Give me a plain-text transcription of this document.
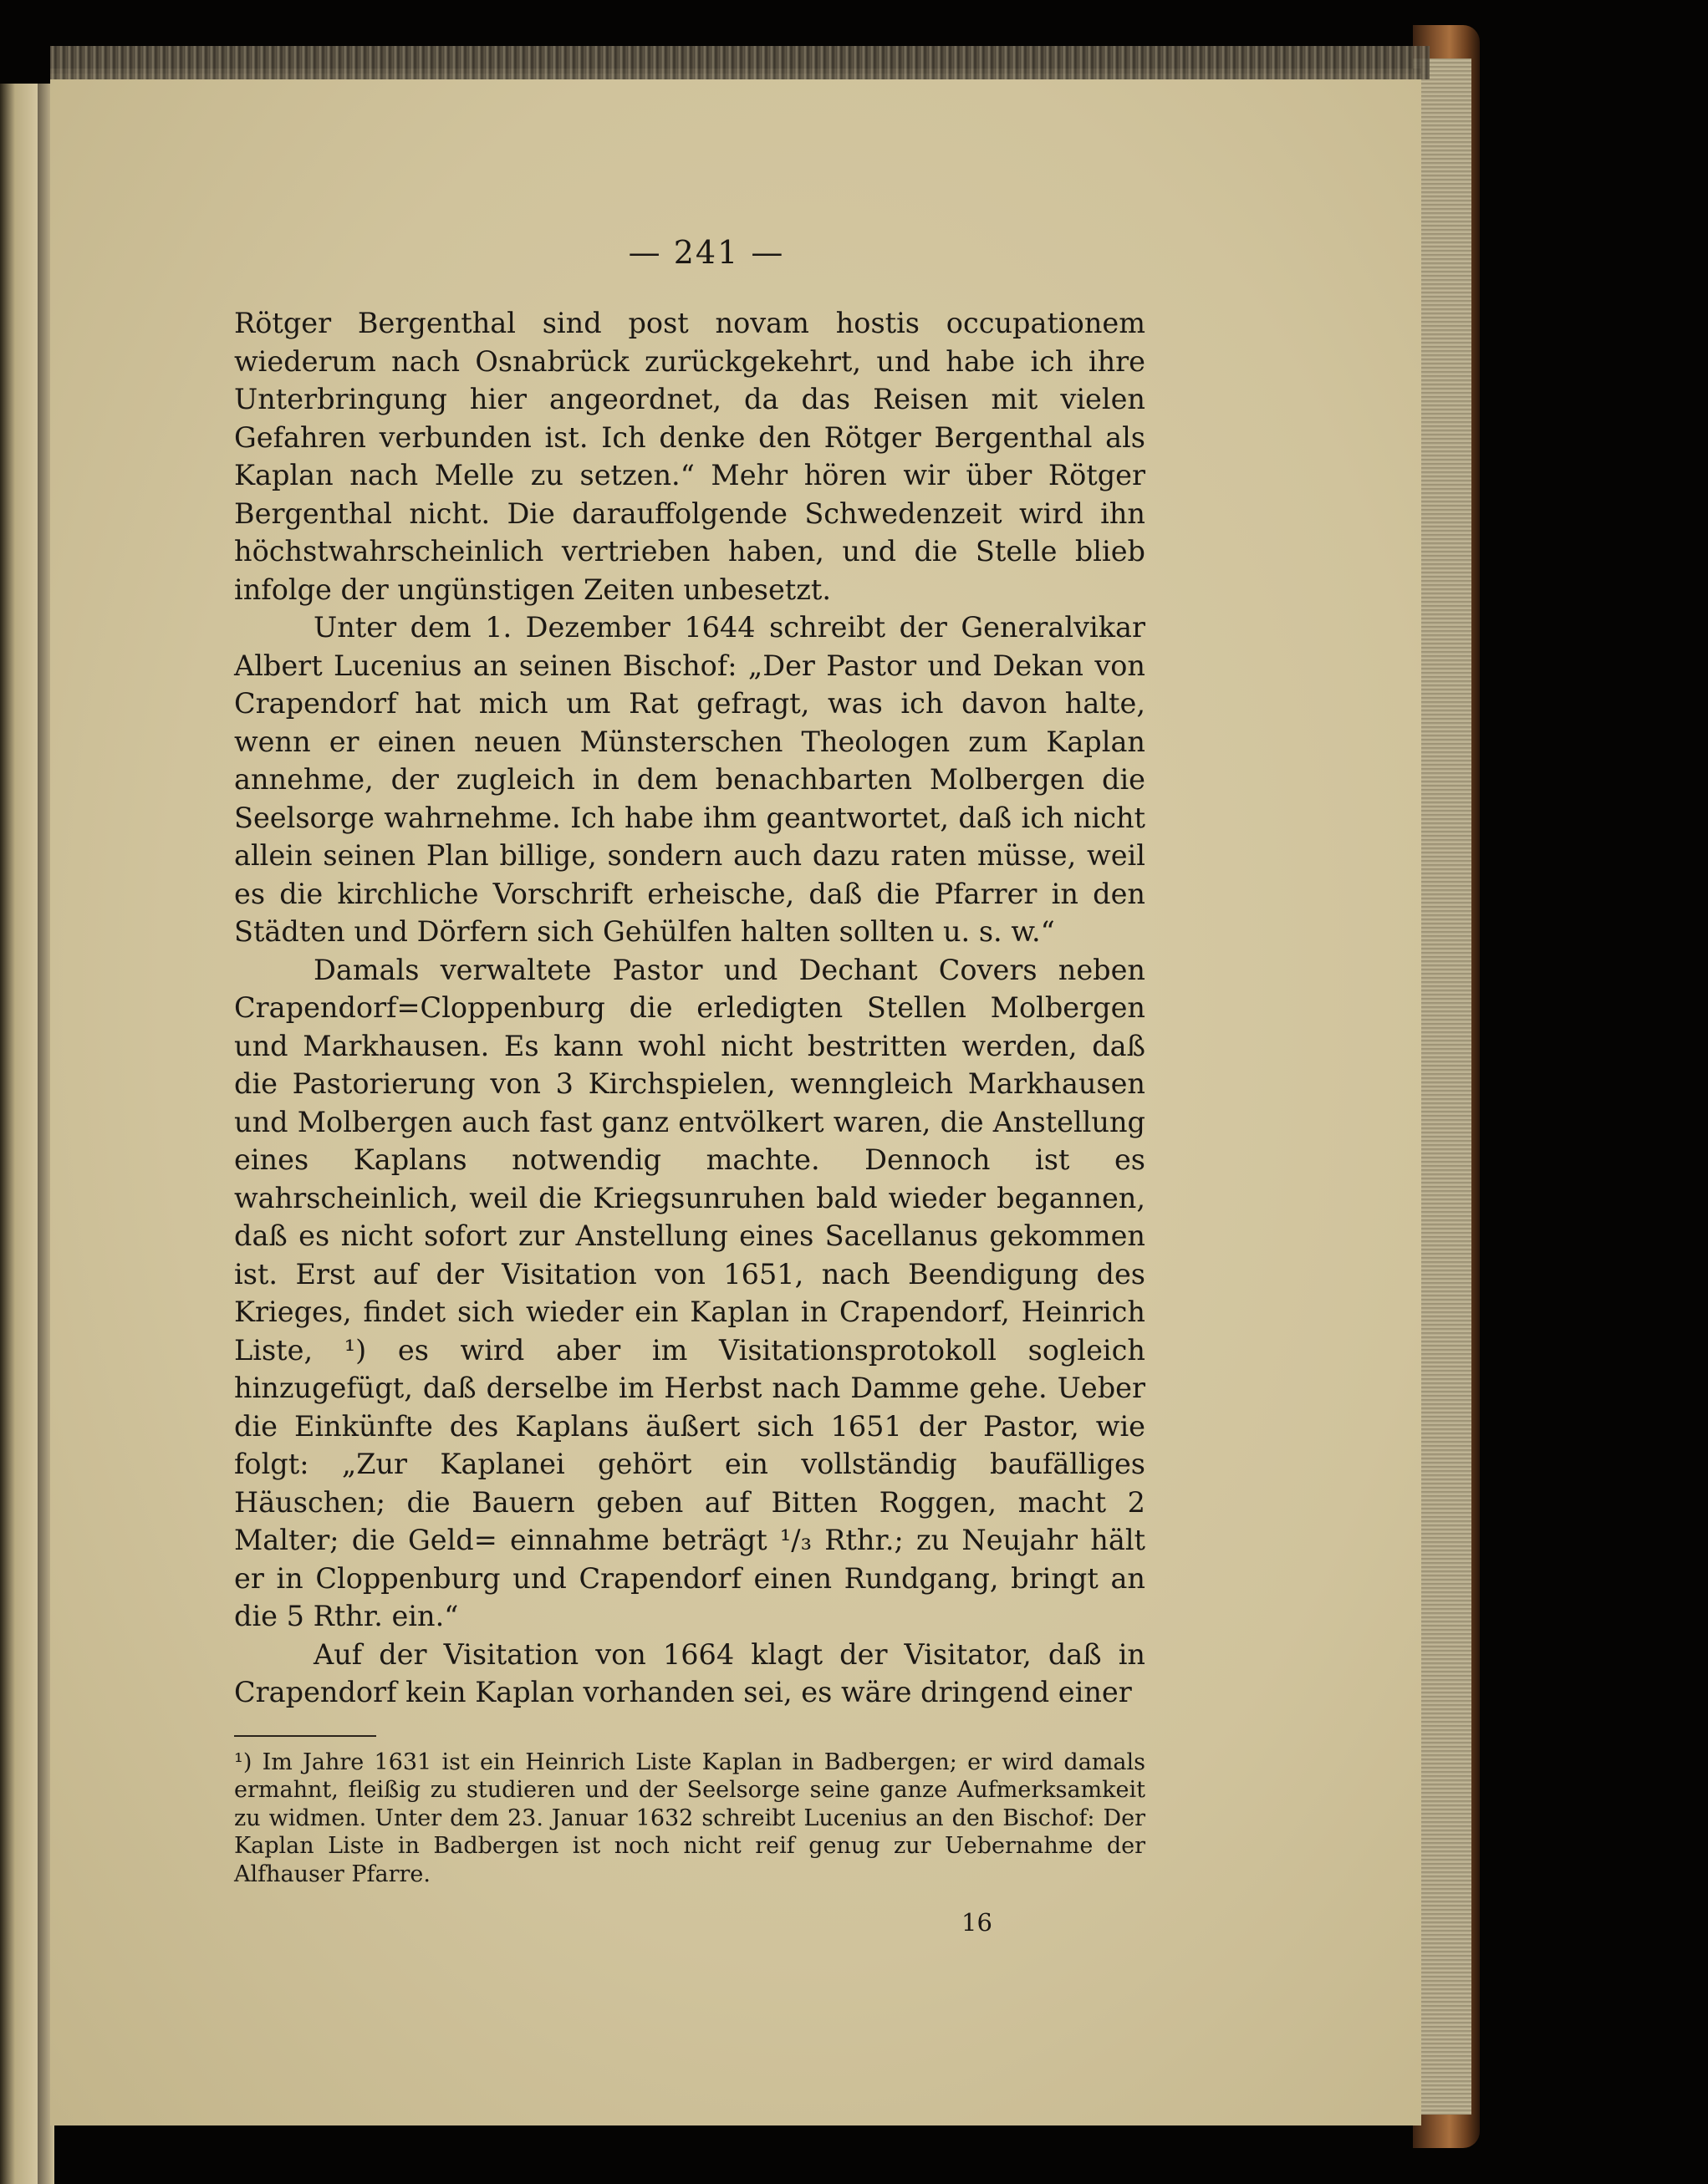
— 241 —

Rötger Bergenthal sind post novam hostis occupationem wiederum nach Osnabrück zurückgekehrt, und habe ich ihre Unterbringung hier angeordnet, da das Reisen mit vielen Gefahren verbunden ist. Ich denke den Rötger Bergenthal als Kaplan nach Melle zu setzen.“ Mehr hören wir über Rötger Bergenthal nicht. Die darauffolgende Schwedenzeit wird ihn höchstwahrscheinlich vertrieben haben, und die Stelle blieb infolge der ungünstigen Zeiten unbesetzt.

Unter dem 1. Dezember 1644 schreibt der Generalvikar Albert Lucenius an seinen Bischof: „Der Pastor und Dekan von Crapendorf hat mich um Rat gefragt, was ich davon halte, wenn er einen neuen Münsterschen Theologen zum Kaplan annehme, der zugleich in dem benachbarten Molbergen die Seelsorge wahrnehme. Ich habe ihm geantwortet, daß ich nicht allein seinen Plan billige, sondern auch dazu raten müsse, weil es die kirchliche Vorschrift erheische, daß die Pfarrer in den Städten und Dörfern sich Gehülfen halten sollten u. s. w.“

Damals verwaltete Pastor und Dechant Covers neben Crapendorf=Cloppenburg die erledigten Stellen Molbergen und Markhausen. Es kann wohl nicht bestritten werden, daß die Pastorierung von 3 Kirchspielen, wenngleich Markhausen und Molbergen auch fast ganz entvölkert waren, die Anstellung eines Kaplans notwendig machte. Dennoch ist es wahrscheinlich, weil die Kriegsunruhen bald wieder begannen, daß es nicht sofort zur Anstellung eines Sacellanus gekommen ist. Erst auf der Visitation von 1651, nach Beendigung des Krieges, findet sich wieder ein Kaplan in Crapendorf, Heinrich Liste, ¹) es wird aber im Visitationsprotokoll sogleich hinzugefügt, daß derselbe im Herbst nach Damme gehe. Ueber die Einkünfte des Kaplans äußert sich 1651 der Pastor, wie folgt: „Zur Kaplanei gehört ein vollständig baufälliges Häuschen; die Bauern geben auf Bitten Roggen, macht 2 Malter; die Geld= einnahme beträgt ¹/₃ Rthr.; zu Neujahr hält er in Cloppenburg und Crapendorf einen Rundgang, bringt an die 5 Rthr. ein.“

Auf der Visitation von 1664 klagt der Visitator, daß in Crapendorf kein Kaplan vorhanden sei, es wäre dringend einer

¹) Im Jahre 1631 ist ein Heinrich Liste Kaplan in Badbergen; er wird damals ermahnt, fleißig zu studieren und der Seelsorge seine ganze Aufmerksamkeit zu widmen. Unter dem 23. Januar 1632 schreibt Lucenius an den Bischof: Der Kaplan Liste in Badbergen ist noch nicht reif genug zur Uebernahme der Alfhauser Pfarre.

16
